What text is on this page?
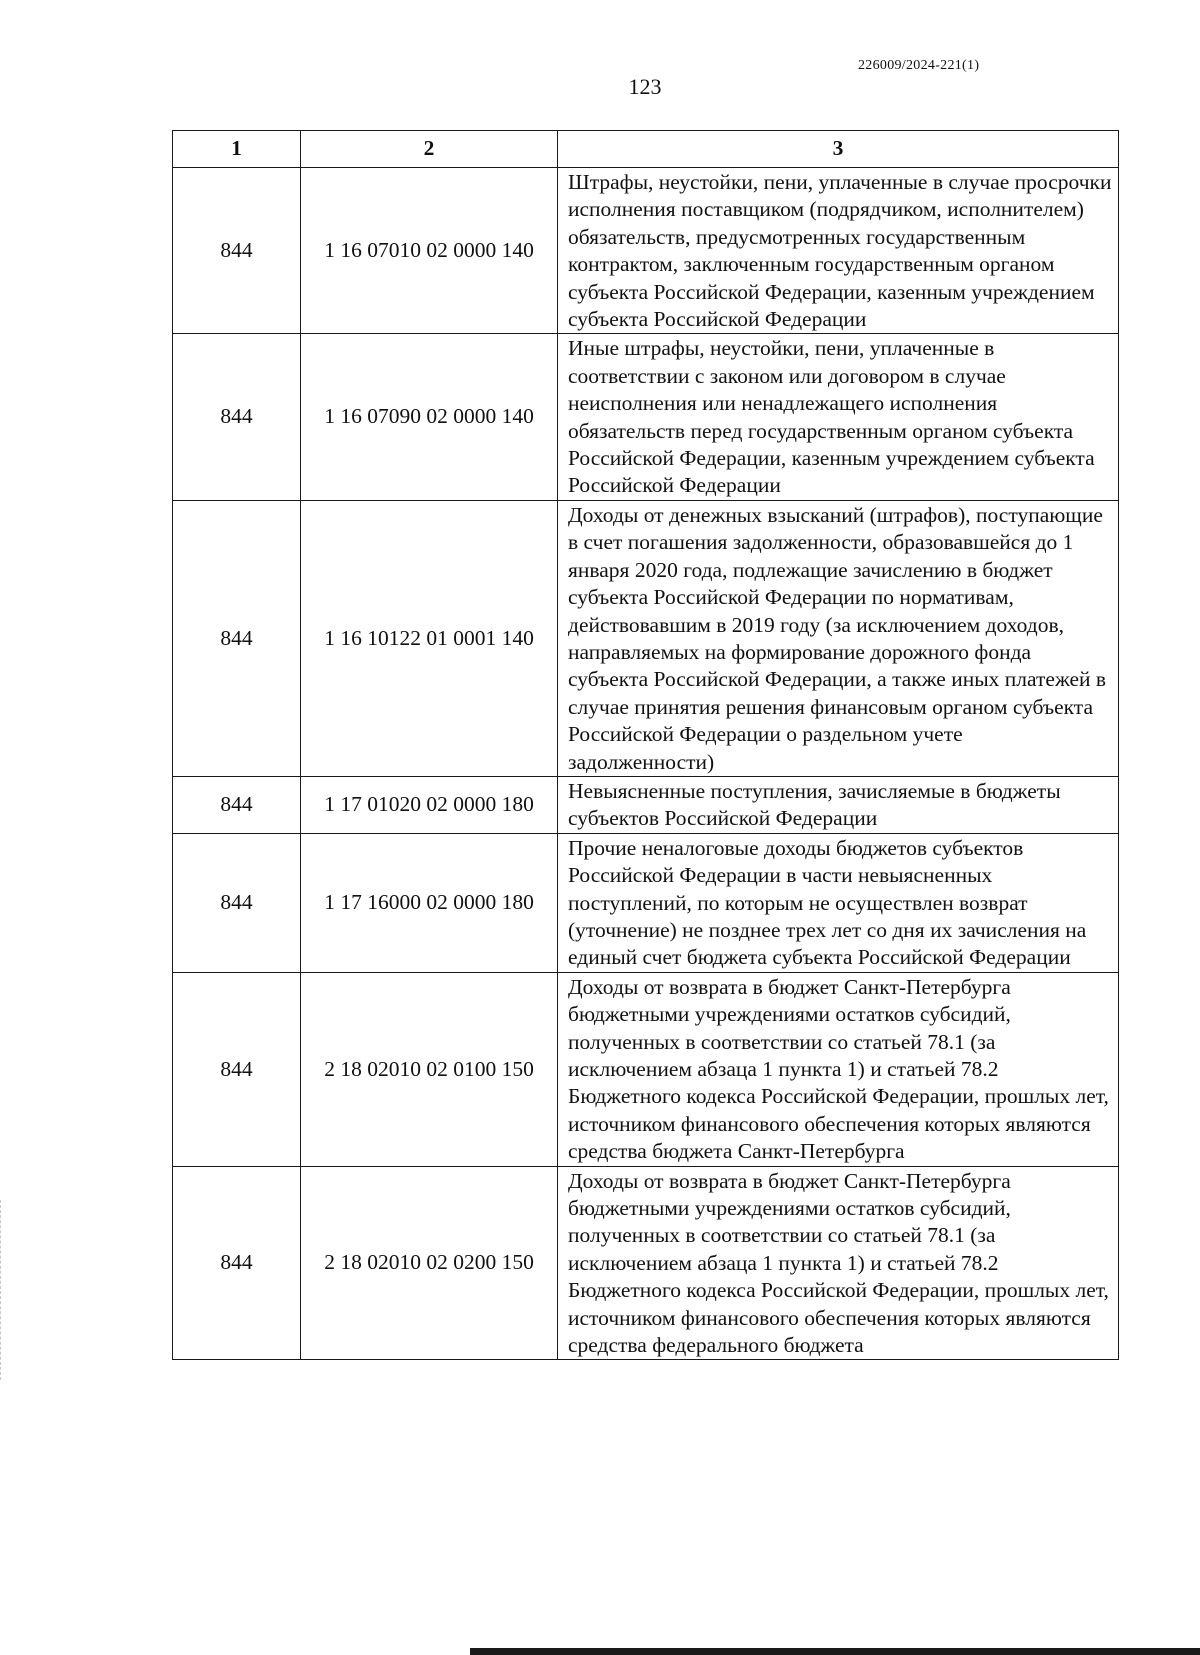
226009/2024-221(1)
123
1	2	3
844	1 16 07010 02 0000 140	Штрафы, неустойки, пени, уплаченные в случае просрочки исполнения поставщиком (подрядчиком, исполнителем) обязательств, предусмотренных государственным контрактом, заключенным государственным органом субъекта Российской Федерации, казенным учреждением субъекта Российской Федерации
844	1 16 07090 02 0000 140	Иные штрафы, неустойки, пени, уплаченные в соответствии с законом или договором в случае неисполнения или ненадлежащего исполнения обязательств перед государственным органом субъекта Российской Федерации, казенным учреждением субъекта Российской Федерации
844	1 16 10122 01 0001 140	Доходы от денежных взысканий (штрафов), поступающие в счет погашения задолженности, образовавшейся до 1 января 2020 года, подлежащие зачислению в бюджет субъекта Российской Федерации по нормативам, действовавшим в 2019 году (за исключением доходов, направляемых на формирование дорожного фонда субъекта Российской Федерации, а также иных платежей в случае принятия решения финансовым органом субъекта Российской Федерации о раздельном учете задолженности)
844	1 17 01020 02 0000 180	Невыясненные поступления, зачисляемые в бюджеты субъектов Российской Федерации
844	1 17 16000 02 0000 180	Прочие неналоговые доходы бюджетов субъектов Российской Федерации в части невыясненных поступлений, по которым не осуществлен возврат (уточнение) не позднее трех лет со дня их зачисления на единый счет бюджета субъекта Российской Федерации
844	2 18 02010 02 0100 150	Доходы от возврата в бюджет Санкт-Петербурга бюджетными учреждениями остатков субсидий, полученных в соответствии со статьей 78.1 (за исключением абзаца 1 пункта 1) и статьей 78.2 Бюджетного кодекса Российской Федерации, прошлых лет, источником финансового обеспечения которых являются средства бюджета Санкт-Петербурга
844	2 18 02010 02 0200 150	Доходы от возврата в бюджет Санкт-Петербурга бюджетными учреждениями остатков субсидий, полученных в соответствии со статьей 78.1 (за исключением абзаца 1 пункта 1) и статьей 78.2 Бюджетного кодекса Российской Федерации, прошлых лет, источником финансового обеспечения которых являются средства федерального бюджета
